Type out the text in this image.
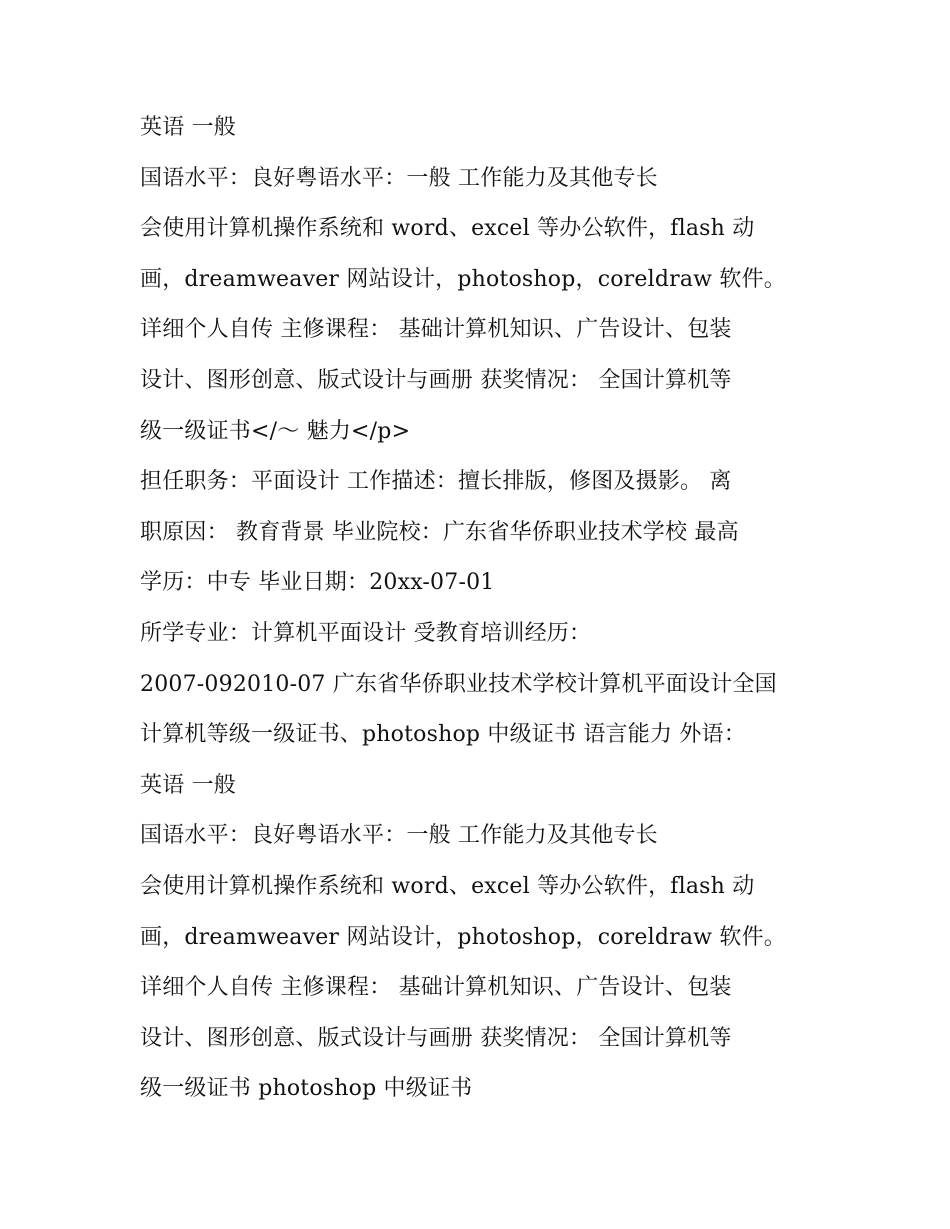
英语 一般
国语水平：良好粤语水平：一般 工作能力及其他专长
会使用计算机操作系统和 word、excel 等办公软件，flash 动
画，dreamweaver 网站设计，photoshop，coreldraw 软件。
详细个人自传 主修课程： 基础计算机知识、广告设计、包装
设计、图形创意、版式设计与画册 获奖情况： 全国计算机等
级一级证书</～ 魅力</p>
担任职务：平面设计 工作描述：擅长排版，修图及摄影。 离
职原因： 教育背景 毕业院校：广东省华侨职业技术学校 最高
学历：中专 毕业日期：20xx-07-01
所学专业：计算机平面设计 受教育培训经历：
2007-092010-07 广东省华侨职业技术学校计算机平面设计全国
计算机等级一级证书、photoshop 中级证书 语言能力 外语：
英语 一般
国语水平：良好粤语水平：一般 工作能力及其他专长
会使用计算机操作系统和 word、excel 等办公软件，flash 动
画，dreamweaver 网站设计，photoshop，coreldraw 软件。
详细个人自传 主修课程： 基础计算机知识、广告设计、包装
设计、图形创意、版式设计与画册 获奖情况： 全国计算机等
级一级证书 photoshop 中级证书
